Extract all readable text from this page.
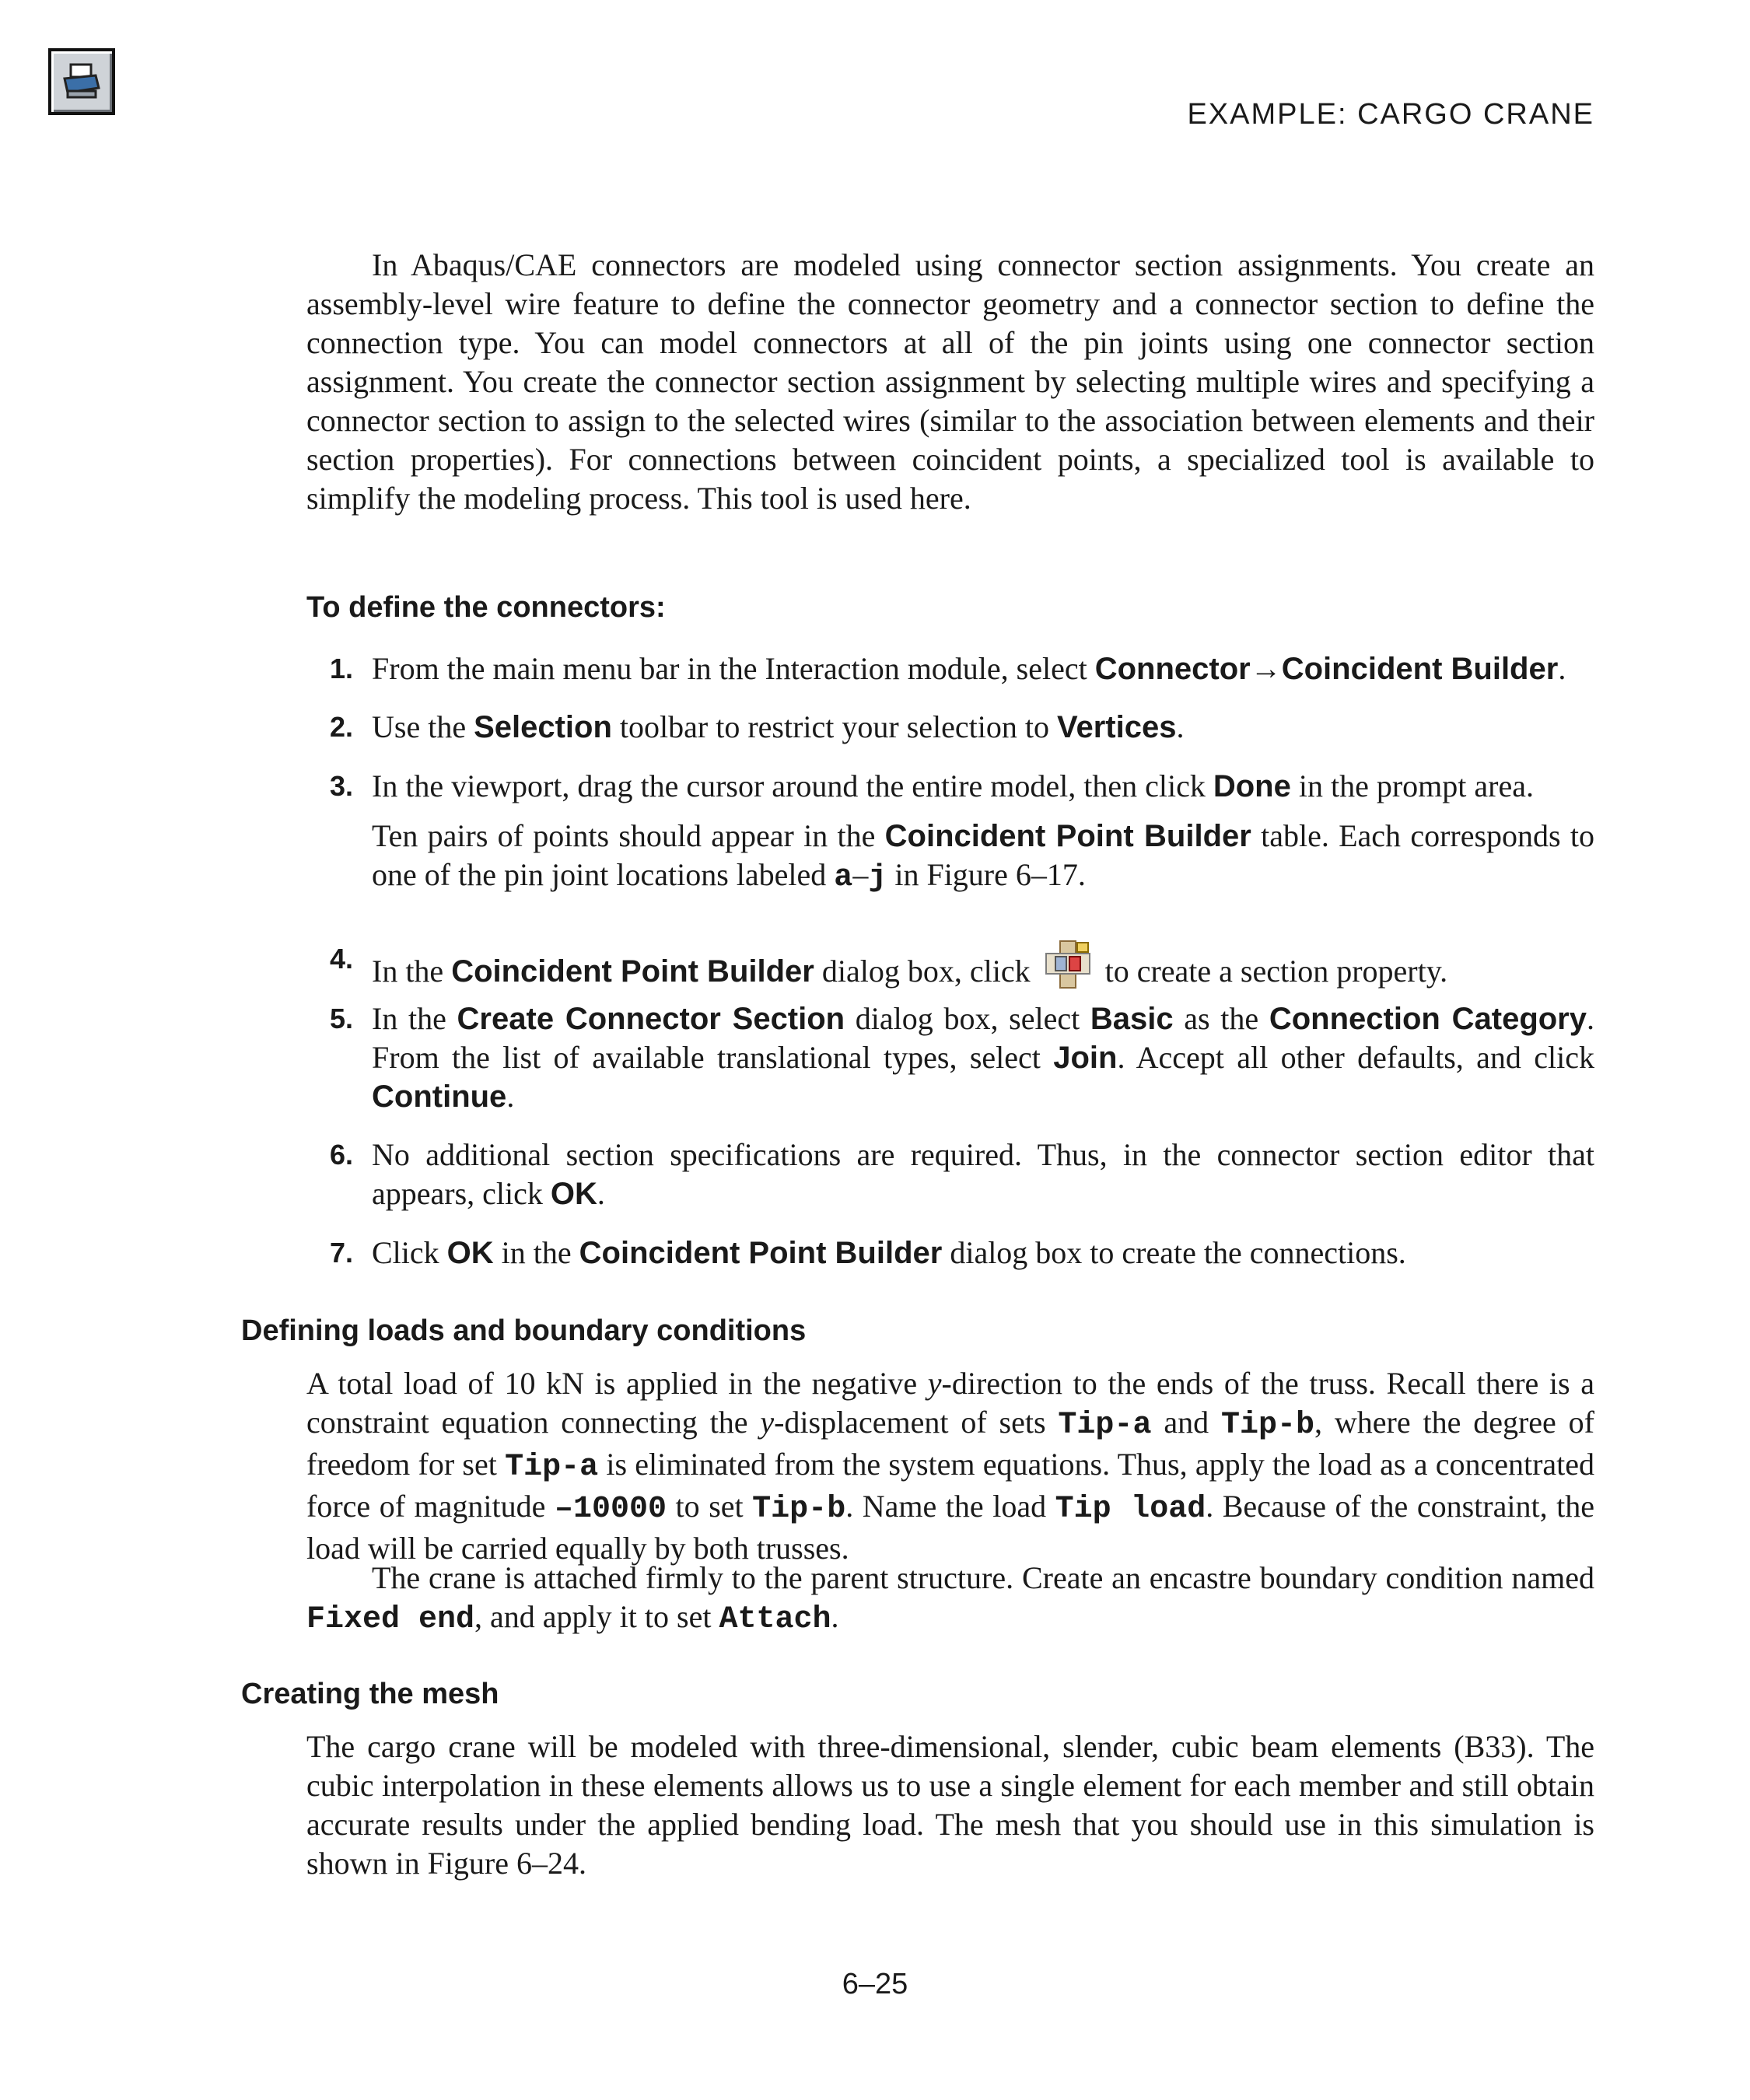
EXAMPLE: CARGO CRANE

In Abaqus/CAE connectors are modeled using connector section assignments. You create an assembly-level wire feature to define the connector geometry and a connector section to define the connection type. You can model connectors at all of the pin joints using one connector section assignment. You create the connector section assignment by selecting multiple wires and specifying a connector section to assign to the selected wires (similar to the association between elements and their section properties). For connections between coincident points, a specialized tool is available to simplify the modeling process. This tool is used here.

To define the connectors:
1. From the main menu bar in the Interaction module, select Connector→Coincident Builder.
2. Use the Selection toolbar to restrict your selection to Vertices.
3. In the viewport, drag the cursor around the entire model, then click Done in the prompt area.
Ten pairs of points should appear in the Coincident Point Builder table. Each corresponds to one of the pin joint locations labeled a–j in Figure 6–17.
4. In the Coincident Point Builder dialog box, click to create a section property.
5. In the Create Connector Section dialog box, select Basic as the Connection Category. From the list of available translational types, select Join. Accept all other defaults, and click Continue.
6. No additional section specifications are required. Thus, in the connector section editor that appears, click OK.
7. Click OK in the Coincident Point Builder dialog box to create the connections.
Defining loads and boundary conditions

A total load of 10 kN is applied in the negative y-direction to the ends of the truss. Recall there is a constraint equation connecting the y-displacement of sets Tip-a and Tip-b, where the degree of freedom for set Tip-a is eliminated from the system equations. Thus, apply the load as a concentrated force of magnitude –10000 to set Tip-b. Name the load Tip load. Because of the constraint, the load will be carried equally by both trusses.

The crane is attached firmly to the parent structure. Create an encastre boundary condition named Fixed end, and apply it to set Attach.

Creating the mesh

The cargo crane will be modeled with three-dimensional, slender, cubic beam elements (B33). The cubic interpolation in these elements allows us to use a single element for each member and still obtain accurate results under the applied bending load. The mesh that you should use in this simulation is shown in Figure 6–24.

6–25
